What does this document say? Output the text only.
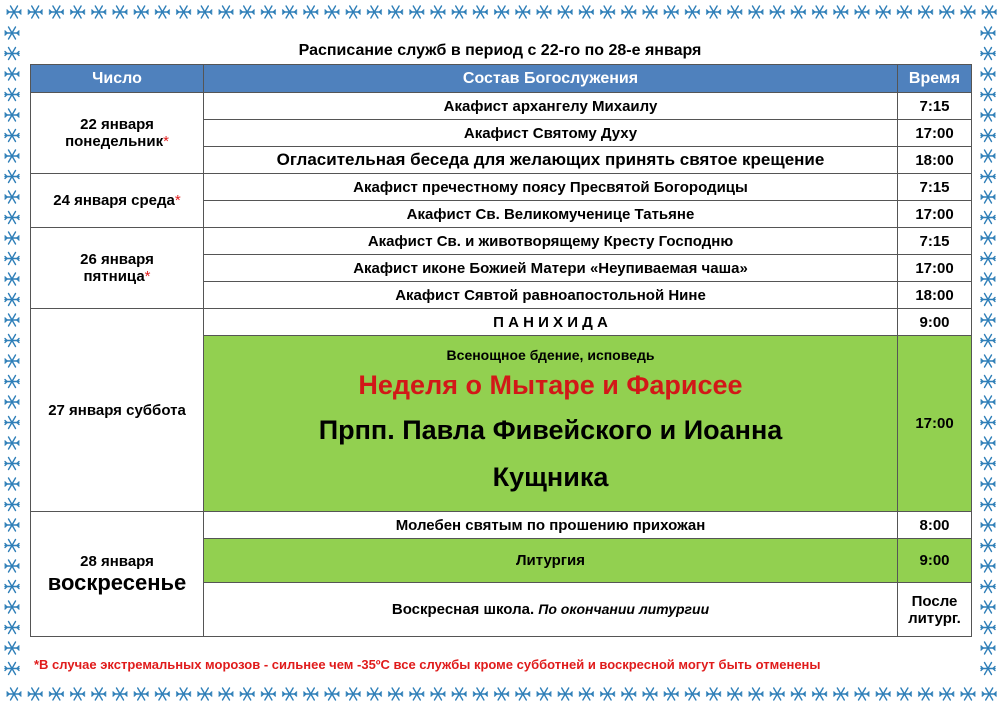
Расписание служб в период с 22-го по 28-е января
Число	Состав Богослужения	Время
22 января
понедельник*	Акафист архангелу Михаилу	7:15
	Акафист Святому Духу	17:00
	Огласительная беседа для желающих принять святое крещение	18:00
24 января среда*	Акафист пречестному поясу Пресвятой Богородицы	7:15
	Акафист Св. Великомученице Татьяне	17:00
26 января
пятница*	Акафист Св. и животворящему Кресту Господню	7:15
	Акафист иконе Божией Матери «Неупиваемая чаша»	17:00
	Акафист Сявтой равноапостольной Нине	18:00
27 января суббота	П А Н И Х И Д А	9:00

	Всенощное бдение, исповедь
Неделя о Мытаре и Фарисее
Прпп. Павла Фивейского и Иоанна
Кущника	17:00
28 января
воскресенье	Молебен святым по прошению прихожан	8:00
	Литургия	9:00
	Воскресная школа. По окончании литургии	После
литург.
*В случае экстремальных морозов - сильнее чем -35ºС все службы кроме субботней и воскресной могут быть отменены
